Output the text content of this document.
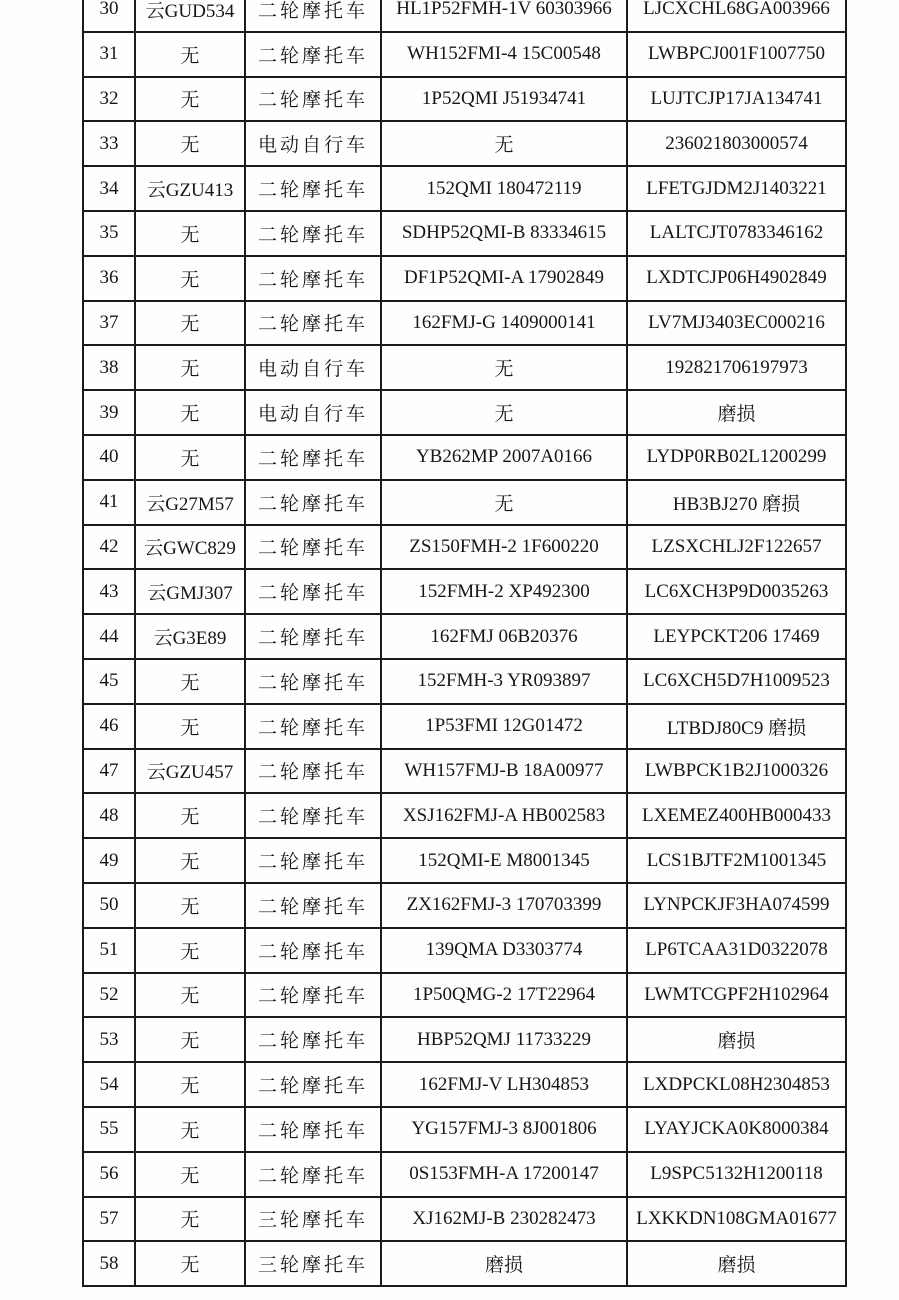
30	云GUD534	二轮摩托车	HL1P52FMH-1V 60303966	LJCXCHL68GA003966
31	无	二轮摩托车	WH152FMI-4 15C00548	LWBPCJ001F1007750
32	无	二轮摩托车	1P52QMI J51934741	LUJTCJP17JA134741
33	无	电动自行车	无	236021803000574
34	云GZU413	二轮摩托车	152QMI 180472119	LFETGJDM2J1403221
35	无	二轮摩托车	SDHP52QMI-B 83334615	LALTCJT0783346162
36	无	二轮摩托车	DF1P52QMI-A 17902849	LXDTCJP06H4902849
37	无	二轮摩托车	162FMJ-G 1409000141	LV7MJ3403EC000216
38	无	电动自行车	无	192821706197973
39	无	电动自行车	无	磨损
40	无	二轮摩托车	YB262MP 2007A0166	LYDP0RB02L1200299
41	云G27M57	二轮摩托车	无	HB3BJ270 磨损
42	云GWC829	二轮摩托车	ZS150FMH-2 1F600220	LZSXCHLJ2F122657
43	云GMJ307	二轮摩托车	152FMH-2 XP492300	LC6XCH3P9D0035263
44	云G3E89	二轮摩托车	162FMJ 06B20376	LEYPCKT206 17469
45	无	二轮摩托车	152FMH-3 YR093897	LC6XCH5D7H1009523
46	无	二轮摩托车	1P53FMI 12G01472	LTBDJ80C9 磨损
47	云GZU457	二轮摩托车	WH157FMJ-B 18A00977	LWBPCK1B2J1000326
48	无	二轮摩托车	XSJ162FMJ-A HB002583	LXEMEZ400HB000433
49	无	二轮摩托车	152QMI-E M8001345	LCS1BJTF2M1001345
50	无	二轮摩托车	ZX162FMJ-3 170703399	LYNPCKJF3HA074599
51	无	二轮摩托车	139QMA D3303774	LP6TCAA31D0322078
52	无	二轮摩托车	1P50QMG-2 17T22964	LWMTCGPF2H102964
53	无	二轮摩托车	HBP52QMJ 11733229	磨损
54	无	二轮摩托车	162FMJ-V LH304853	LXDPCKL08H2304853
55	无	二轮摩托车	YG157FMJ-3 8J001806	LYAYJCKA0K8000384
56	无	二轮摩托车	0S153FMH-A 17200147	L9SPC5132H1200118
57	无	三轮摩托车	XJ162MJ-B 230282473	LXKKDN108GMA01677
58	无	三轮摩托车	磨损	磨损
